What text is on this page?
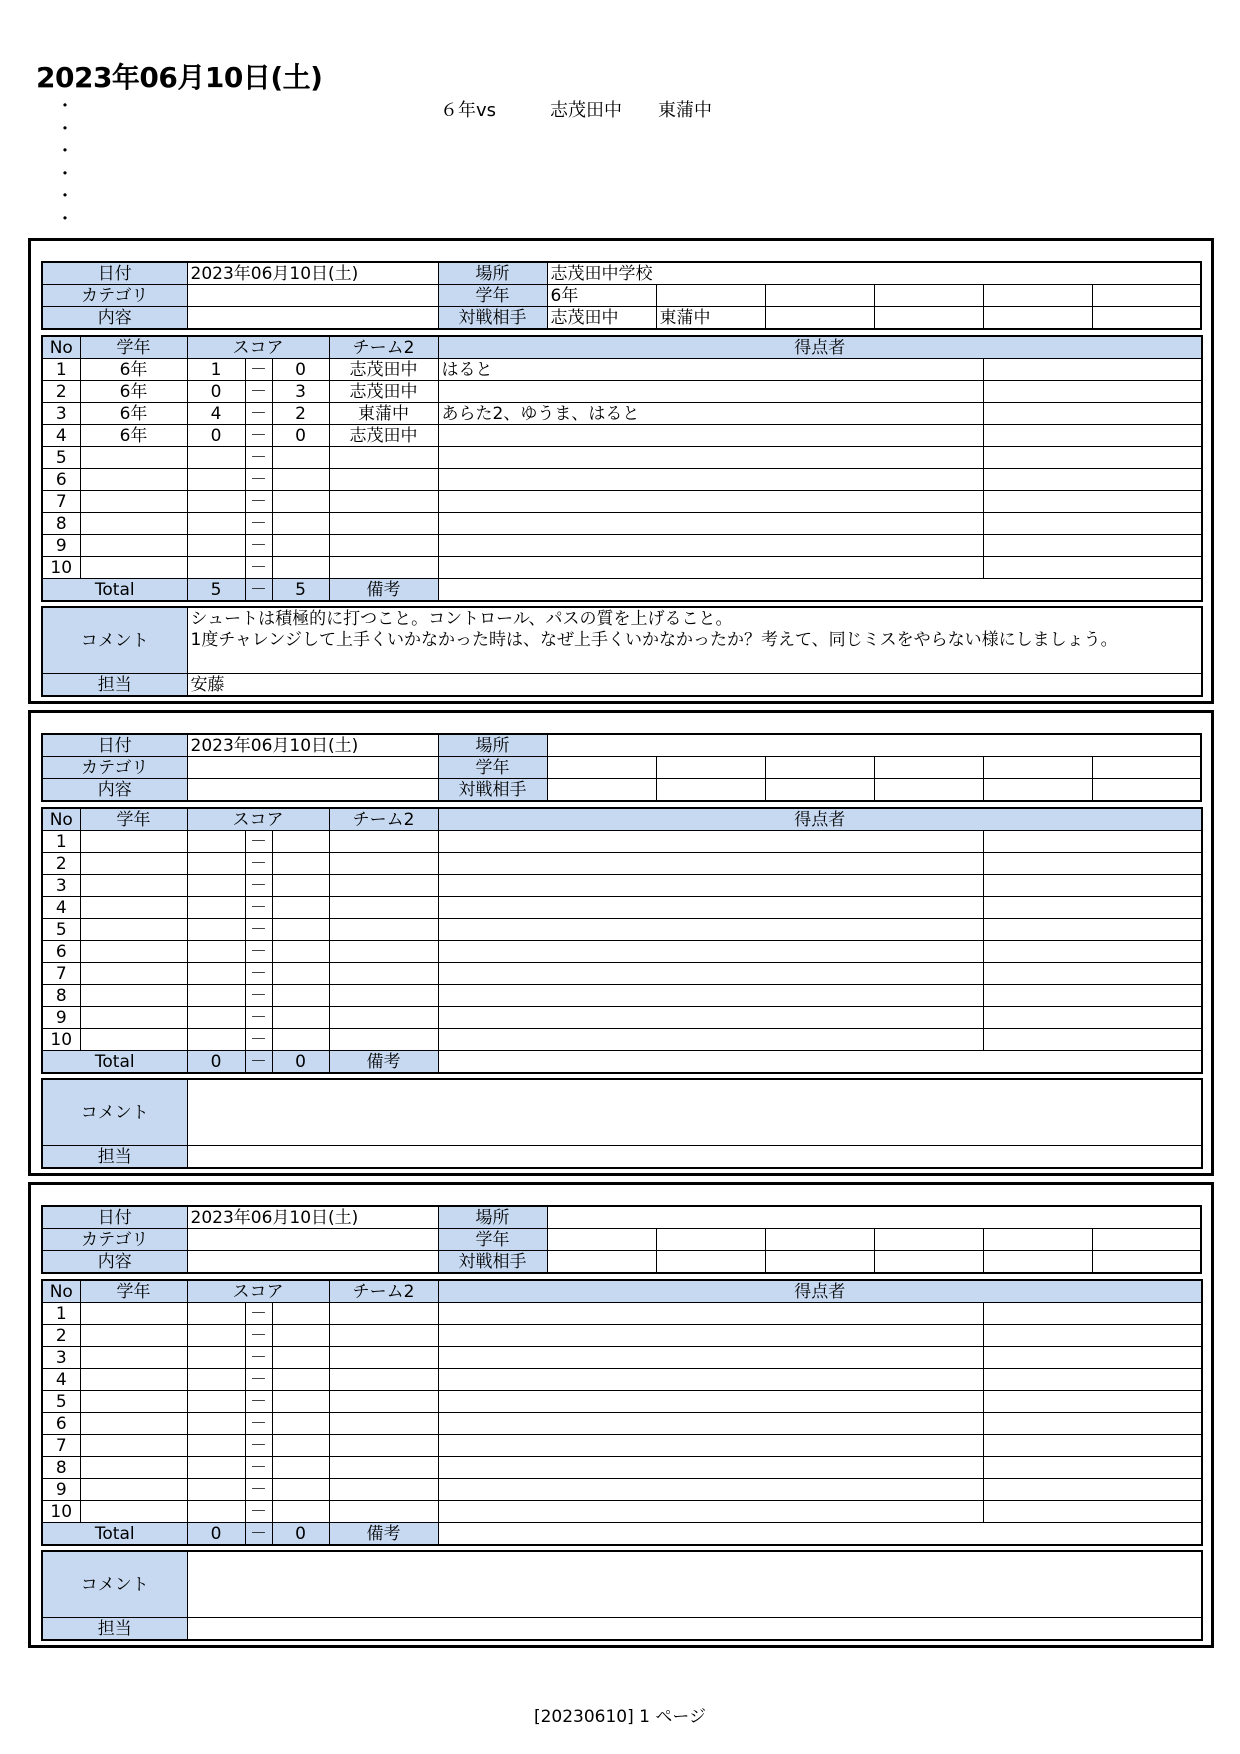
2023年06月10日(土)
・
・
・
・
・
・
６年vs	志茂田中 東蒲中
日付	2023年06月10日(土)	場所	志茂田中学校					
カテゴリ		学年	6年					
内容		対戦相手	志茂田中	東蒲中				
No	学年	スコア			チーム2	得点者	
1	6年	1	－	0	志茂田中	はると	
2	6年	0	－	3	志茂田中		
3	6年	4	－	2	東蒲中	あらた2、ゆうま、はると	
4	6年	0	－	0	志茂田中		
5			－				
6			－				
7			－				
8			－				
9			－				
10			－				
Total		5	－	5	備考		
コメント	シュートは積極的に打つこと。コントロール、パスの質を上げること。
1度チャレンジして上手くいかなかった時は、なぜ上手くいかなかったか？考えて、同じミスをやらない様にしましょう。

担当	安藤
日付	2023年06月10日(土)	場所						
カテゴリ		学年						
内容		対戦相手						
No	学年	スコア			チーム2	得点者	
1			－				
2			－				
3			－				
4			－				
5			－				
6			－				
7			－				
8			－				
9			－				
10			－				
Total		0	－	0	備考		
コメント	

担当	
日付	2023年06月10日(土)	場所						
カテゴリ		学年						
内容		対戦相手						
No	学年	スコア			チーム2	得点者	
1			－				
2			－				
3			－				
4			－				
5			－				
6			－				
7			－				
8			－				
9			－				
10			－				
Total		0	－	0	備考		
コメント	

担当	
[20230610] 1 ページ
